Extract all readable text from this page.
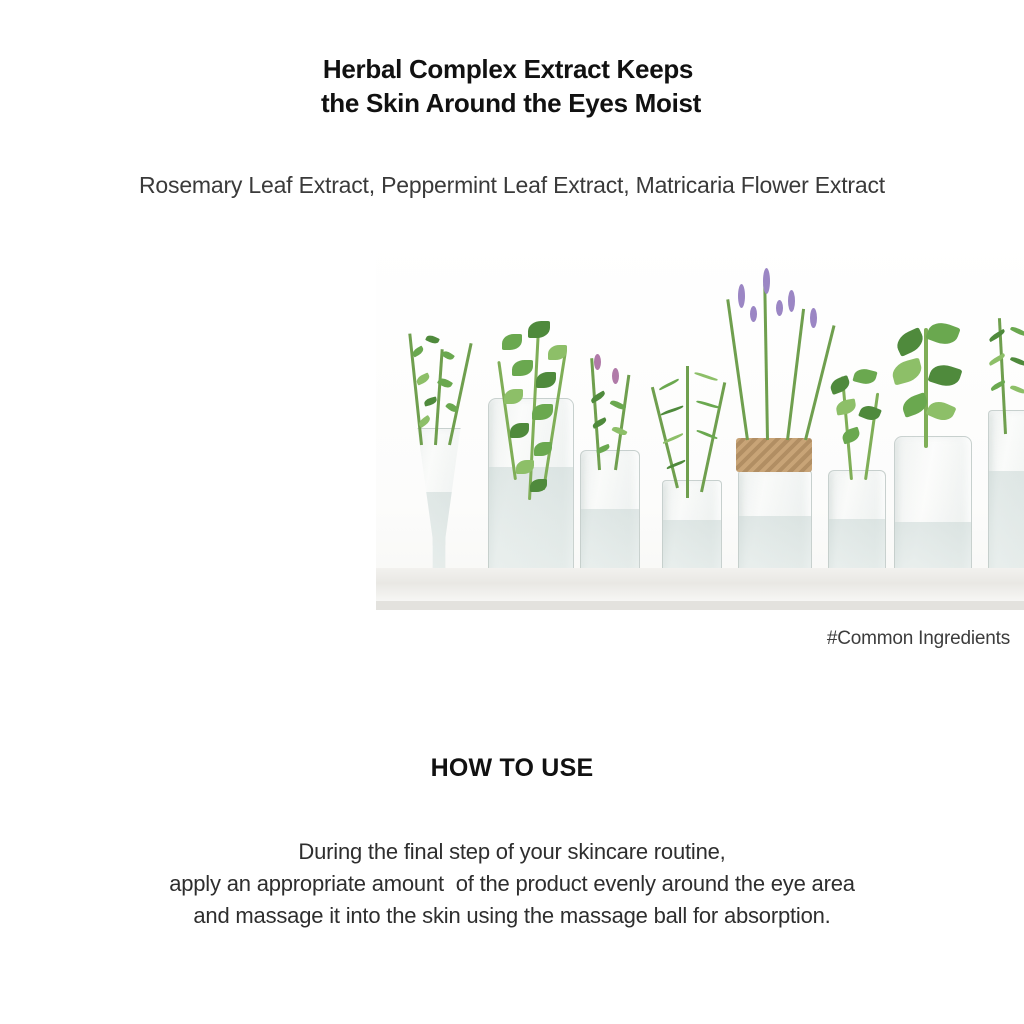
Herbal Complex Extract Keeps
the Skin Around the Eyes Moist
Rosemary Leaf Extract, Peppermint Leaf Extract, Matricaria Flower Extract
#Common Ingredients
HOW TO USE
During the final step of your skincare routine,
apply an appropriate amount  of the product evenly around the eye area
and massage it into the skin using the massage ball for absorption.
